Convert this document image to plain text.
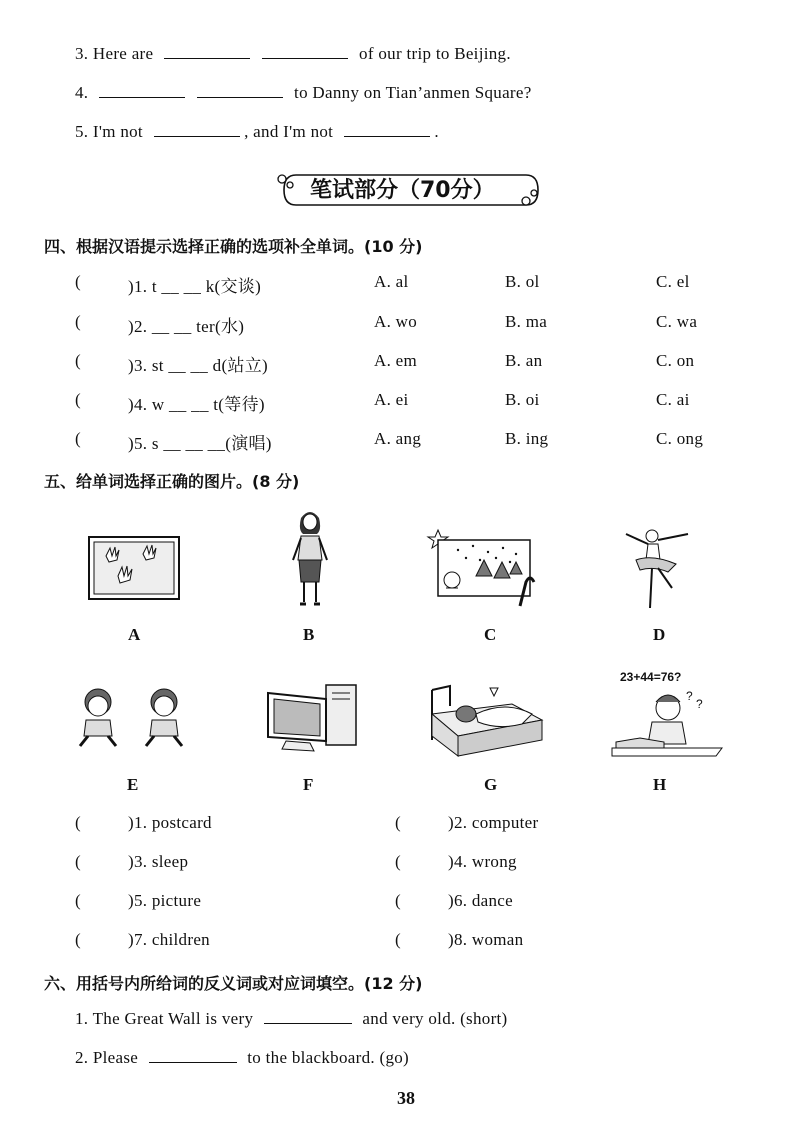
3. Here are	of our trip to Beijing.
4.	to Danny on Tian’anmen Square?
5. I'm not	, and I'm not	.
笔试部分（70分）
四、根据汉语提示选择正确的选项补全单词。(10 分)
(	)1. t __ __ k(交谈)	A. al	B. ol	C. el
(	)2. __ __ ter(水)	A. wo	B. ma	C. wa
(	)3. st __ __ d(站立)	A. em	B. an	C. on
(	)4. w __ __ t(等待)	A. ei	B. oi	C. ai
(	)5. s __ __ __(演唱)	A. ang	B. ing	C. ong
五、给单词选择正确的图片。(8 分)
23+44=76?
?
?
A	B	C	D
E	F	G	H
(	)1. postcard	(	)2. computer
(	)3. sleep	(	)4. wrong
(	)5. picture	(	)6. dance
(	)7. children	(	)8. woman
六、用括号内所给词的反义词或对应词填空。(12 分)
1. The Great Wall is very	and very old. (short)
2. Please	to the blackboard. (go)
38
